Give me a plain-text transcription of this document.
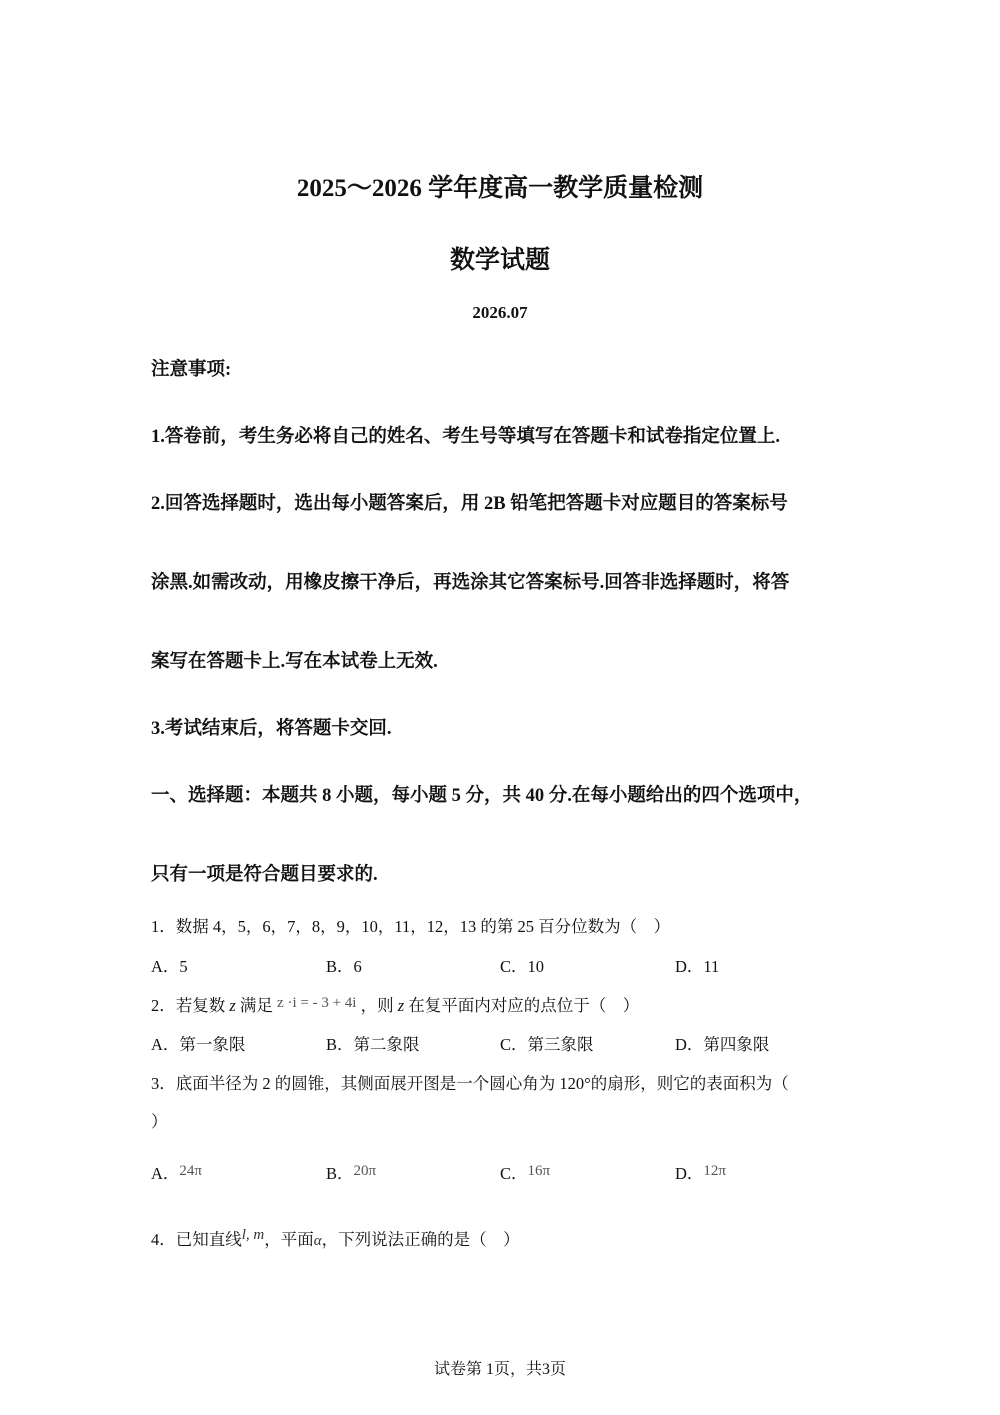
2025～2026 学年度高一教学质量检测
数学试题
2026.07
注意事项:
1.答卷前，考生务必将自己的姓名、考生号等填写在答题卡和试卷指定位置上.
2.回答选择题时，选出每小题答案后，用 2B 铅笔把答题卡对应题目的答案标号
涂黑.如需改动，用橡皮擦干净后，再选涂其它答案标号.回答非选择题时，将答
案写在答题卡上.写在本试卷上无效.
3.考试结束后，将答题卡交回.
一、选择题：本题共 8 小题，每小题 5 分，共 40 分.在每小题给出的四个选项中，
只有一项是符合题目要求的.
1．数据 4，5，6，7，8，9，10，11，12，13 的第 25 百分位数为（　）
A．5	B．6	C．10	D．11
2．若复数 z 满足 z ·i = - 3 + 4i ，则 z 在复平面内对应的点位于（　）
A．第一象限	B．第二象限	C．第三象限	D．第四象限
3．底面半径为 2 的圆锥，其侧面展开图是一个圆心角为 120°的扇形，则它的表面积为（
）
A．24π	B．20π	C．16π	D．12π
4．已知直线l, m，平面α，下列说法正确的是（　）
试卷第 1页，共3页
